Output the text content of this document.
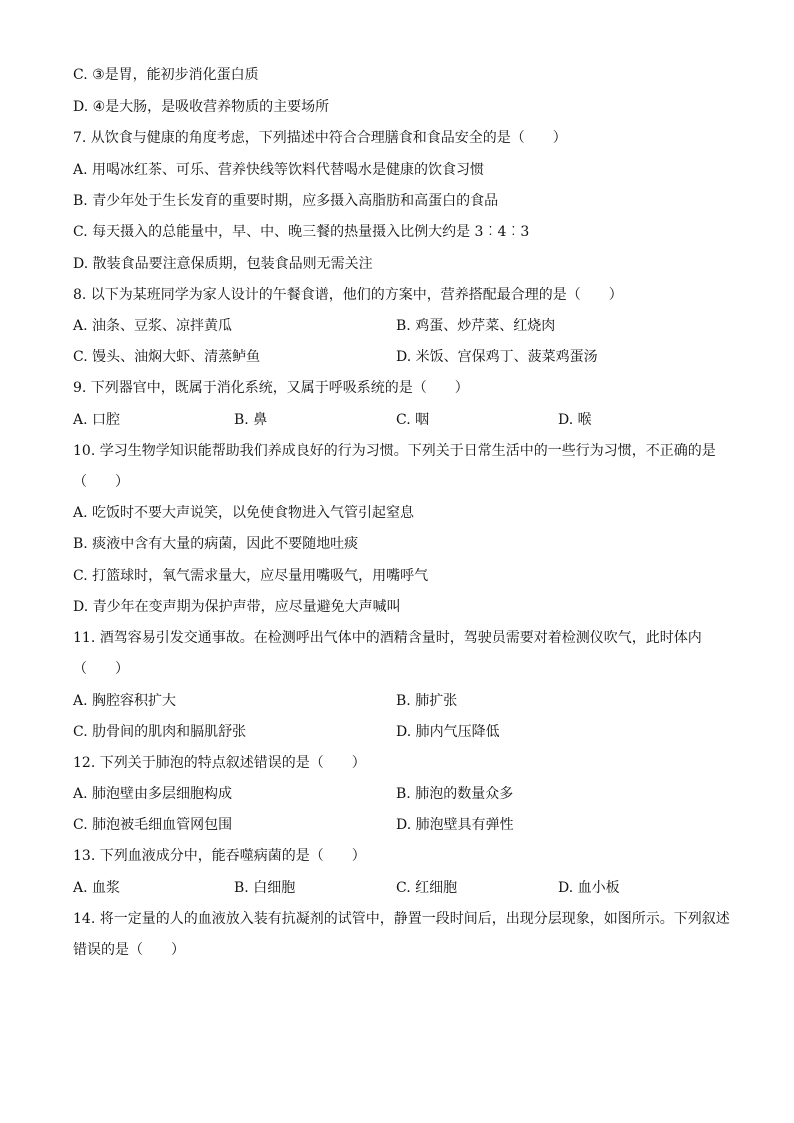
C. ③是胃，能初步消化蛋白质
D. ④是大肠，是吸收营养物质的主要场所
7. 从饮食与健康的角度考虑，下列描述中符合合理膳食和食品安全的是（　　）
A. 用喝冰红茶、可乐、营养快线等饮料代替喝水是健康的饮食习惯
B. 青少年处于生长发育的重要时期，应多摄入高脂肪和高蛋白的食品
C. 每天摄入的总能量中，早、中、晚三餐的热量摄入比例大约是 3︰4︰3
D. 散装食品要注意保质期，包装食品则无需关注
8. 以下为某班同学为家人设计的午餐食谱，他们的方案中，营养搭配最合理的是（　　）
A. 油条、豆浆、凉拌黄瓜	B. 鸡蛋、炒芹菜、红烧肉
C. 馒头、油焖大虾、清蒸鲈鱼	D. 米饭、宫保鸡丁、菠菜鸡蛋汤
9. 下列器官中，既属于消化系统，又属于呼吸系统的是（　　）
A. 口腔	B. 鼻	C. 咽	D. 喉
10. 学习生物学知识能帮助我们养成良好的行为习惯。下列关于日常生活中的一些行为习惯，不正确的是
（　　）
A. 吃饭时不要大声说笑，以免使食物进入气管引起窒息
B. 痰液中含有大量的病菌，因此不要随地吐痰
C. 打篮球时，氧气需求量大，应尽量用嘴吸气，用嘴呼气
D. 青少年在变声期为保护声带，应尽量避免大声喊叫
11. 酒驾容易引发交通事故。在检测呼出气体中的酒精含量时，驾驶员需要对着检测仪吹气，此时体内
（　　）
A. 胸腔容积扩大	B. 肺扩张
C. 肋骨间的肌肉和膈肌舒张	D. 肺内气压降低
12. 下列关于肺泡的特点叙述错误的是（　　）
A. 肺泡壁由多层细胞构成	B. 肺泡的数量众多
C. 肺泡被毛细血管网包围	D. 肺泡壁具有弹性
13. 下列血液成分中，能吞噬病菌的是（　　）
A. 血浆	B. 白细胞	C. 红细胞	D. 血小板
14. 将一定量的人的血液放入装有抗凝剂的试管中，静置一段时间后，出现分层现象，如图所示。下列叙述
错误的是（　　）
